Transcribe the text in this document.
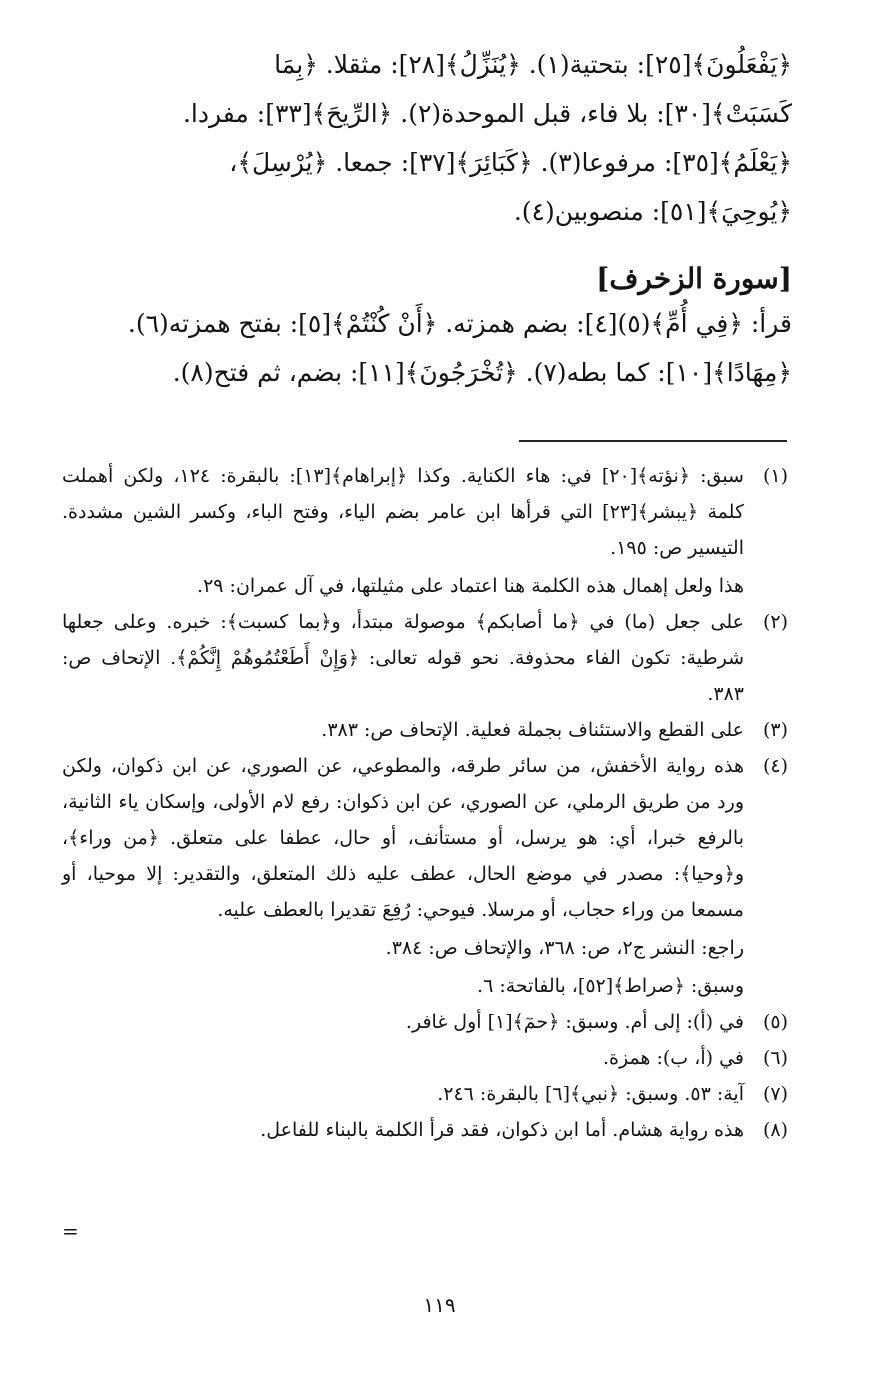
﴿يَفْعَلُونَ﴾[٢٥]: بتحتية(١). ﴿يُنَزِّلُ﴾[٢٨]: مثقلا. ﴿بِمَا
كَسَبَتْ﴾[٣٠]: بلا فاء، قبل الموحدة(٢). ﴿الرِّيحَ﴾[٣٣]: مفردا.
﴿يَعْلَمُ﴾[٣٥]: مرفوعا(٣). ﴿كَبَائِرَ﴾[٣٧]: جمعا. ﴿يُرْسِلَ﴾،
﴿يُوحِيَ﴾[٥١]: منصوبين(٤).
[سورة الزخرف]
قرأ: ﴿فِي أُمِّ﴾(٥)[٤]: بضم همزته. ﴿أَنْ كُنْتُمْ﴾[٥]: بفتح همزته(٦).
﴿مِهَادًا﴾[١٠]: كما بطه(٧). ﴿تُخْرَجُونَ﴾[١١]: بضم، ثم فتح(٨).
(١)

سبق: ﴿نؤته﴾[٢٠] في: هاء الكناية. وكذا ﴿إبراهام﴾[١٣]: بالبقرة: ١٢٤، ولكن أهملت كلمة ﴿يبشر﴾[٢٣] التي قرأها ابن عامر بضم الياء، وفتح الباء، وكسر الشين مشددة. التيسير ص: ١٩٥.

هذا ولعل إهمال هذه الكلمة هنا اعتماد على مثيلتها، في آل عمران: ٢٩.

(٢)

على جعل (ما) في ﴿ما أصابكم﴾ موصولة مبتدأ، و﴿بما كسبت﴾: خبره. وعلى جعلها شرطية: تكون الفاء محذوفة. نحو قوله تعالى: ﴿وَإِنْ أَطَعْتُمُوهُمْ إِنَّكُمْ﴾. الإتحاف ص: ٣٨٣.

(٣)

على القطع والاستئناف بجملة فعلية. الإتحاف ص: ٣٨٣.

(٤)

هذه رواية الأخفش، من سائر طرقه، والمطوعي، عن الصوري، عن ابن ذكوان، ولكن ورد من طريق الرملي، عن الصوري، عن ابن ذكوان: رفع لام الأولى، وإسكان ياء الثانية، بالرفع خبرا، أي: هو يرسل، أو مستأنف، أو حال، عطفا على متعلق. ﴿من وراء﴾، و﴿وحيا﴾: مصدر في موضع الحال، عطف عليه ذلك المتعلق، والتقدير: إلا موحيا، أو مسمعا من وراء حجاب، أو مرسلا. فيوحي: رُفِعَ تقديرا بالعطف عليه.

راجع: النشر ج٢، ص: ٣٦٨، والإتحاف ص: ٣٨٤.

وسبق: ﴿صراط﴾[٥٢]، بالفاتحة: ٦.

(٥)

في (أ): إلى أم. وسبق: ﴿حمٓ﴾[١] أول غافر.

(٦)

في (أ، ب): همزة.

(٧)

آية: ٥٣. وسبق: ﴿نبي﴾[٦] بالبقرة: ٢٤٦.

(٨)

هذه رواية هشام. أما ابن ذكوان، فقد قرأ الكلمة بالبناء للفاعل.

=
١١٩
